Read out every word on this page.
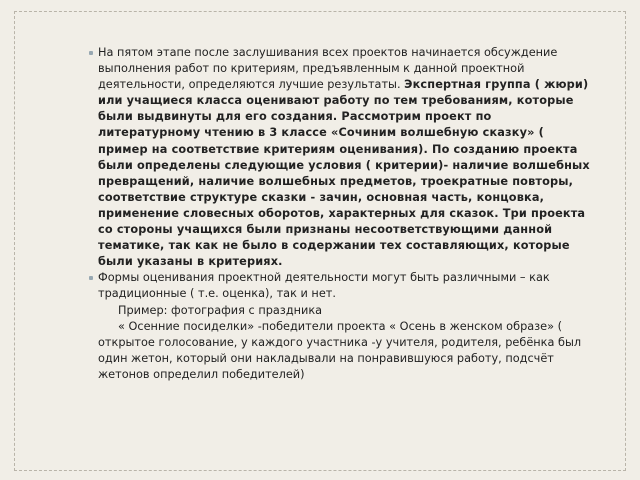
На пятом этапе после заслушивания всех проектов начинается обсуждение выполнения работ по критериям, предъявленным к данной проектной деятельности, определяются лучшие результаты. Экспертная группа ( жюри) или учащиеся класса оценивают работу по тем требованиям, которые были выдвинуты для его создания. Рассмотрим проект по литературному чтению в 3 классе «Сочиним волшебную сказку» ( пример на соответствие критериям оценивания). По созданию проекта были определены следующие условия ( критерии)- наличие волшебных превращений, наличие волшебных предметов, троекратные повторы, соответствие структуре сказки - зачин, основная часть, концовка, применение словесных оборотов, характерных для сказок. Три проекта со стороны учащихся были признаны несоответствующими данной тематике, так как не было в содержании тех составляющих, которые были указаны в критериях.

Формы оценивания проектной деятельности могут быть различными – как традиционные ( т.е. оценка), так и нет.

Пример: фотография с праздника

« Осенние посиделки» -победители проекта « Осень в женском образе» ( открытое голосование, у каждого участника -у учителя, родителя, ребёнка был один жетон, который они накладывали на понравившуюся работу, подсчёт жетонов определил победителей)
